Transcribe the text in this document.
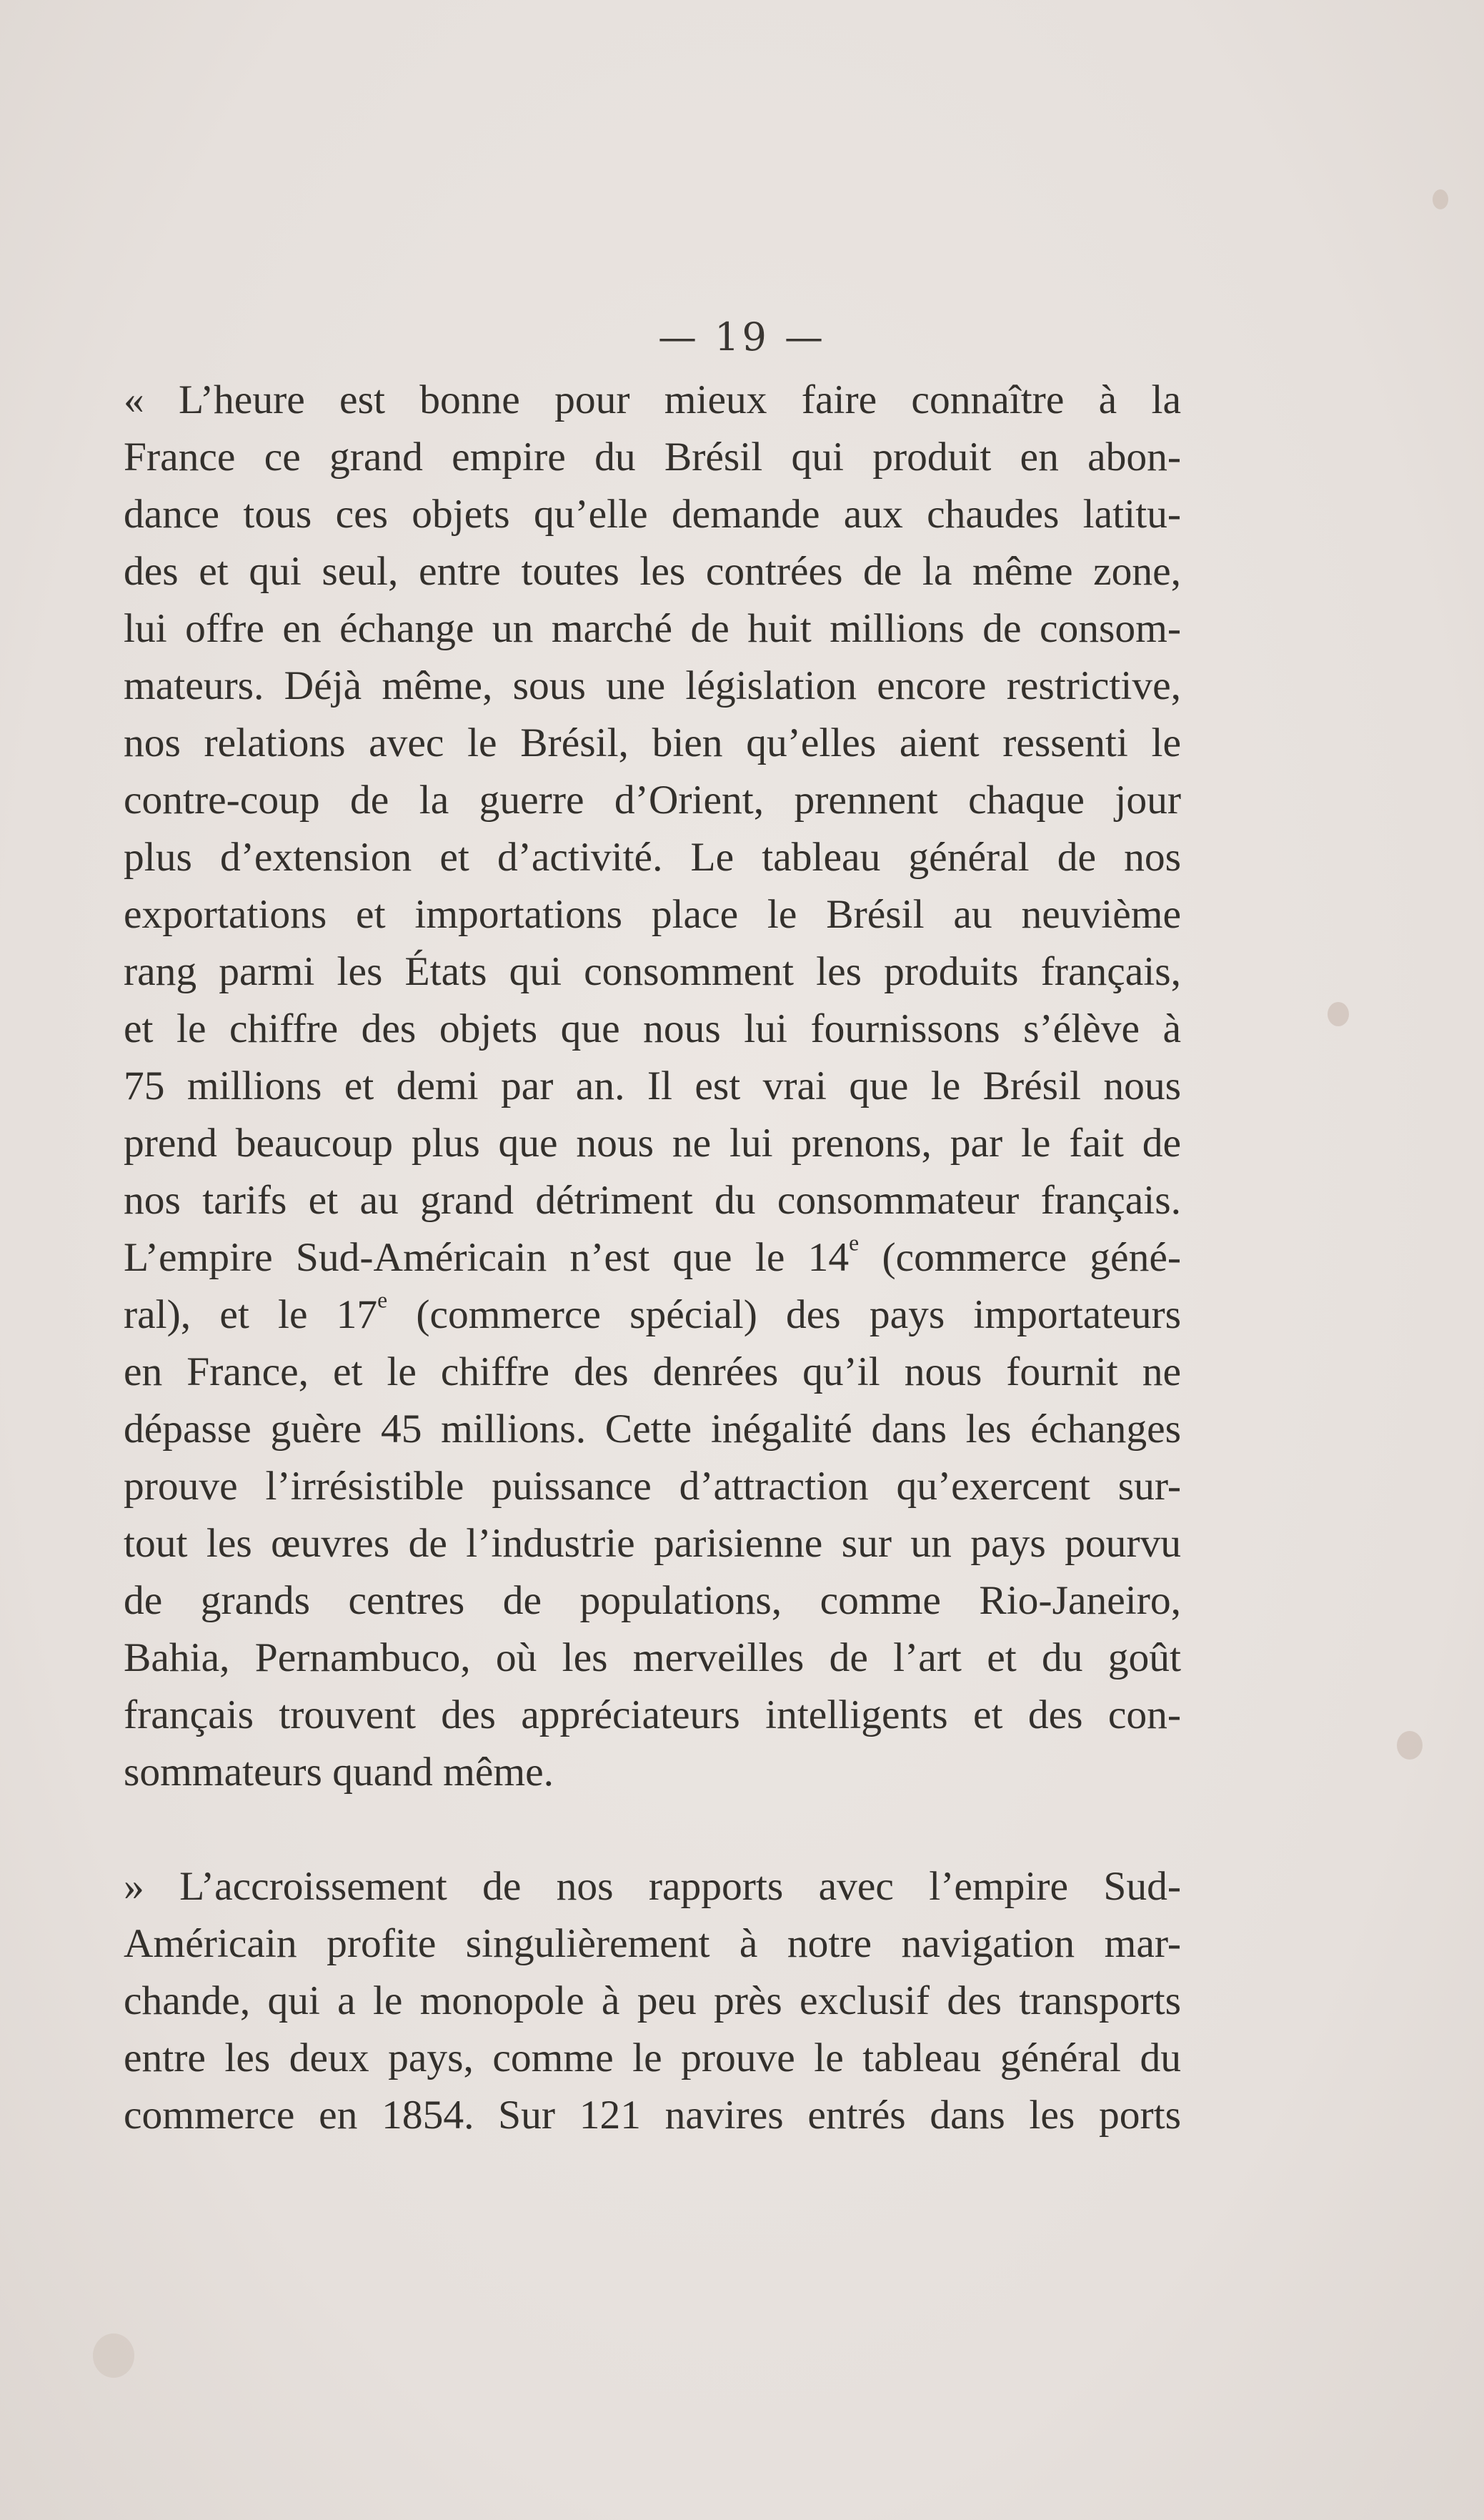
— 19 —
« L’heure est bonne pour mieux faire connaître à la
France ce grand empire du Brésil qui produit en abon-
dance tous ces objets qu’elle demande aux chaudes latitu-
des et qui seul, entre toutes les contrées de la même zone,
lui offre en échange un marché de huit millions de consom-
mateurs. Déjà même, sous une législation encore restrictive,
nos relations avec le Brésil, bien qu’elles aient ressenti le
contre-coup de la guerre d’Orient, prennent chaque jour
plus d’extension et d’activité. Le tableau général de nos
exportations et importations place le Brésil au neuvième
rang parmi les États qui consomment les produits français,
et le chiffre des objets que nous lui fournissons s’élève à
75 millions et demi par an. Il est vrai que le Brésil nous
prend beaucoup plus que nous ne lui prenons, par le fait de
nos tarifs et au grand détriment du consommateur français.
L’empire Sud-Américain n’est que le 14e (commerce géné-
ral), et le 17e (commerce spécial) des pays importateurs
en France, et le chiffre des denrées qu’il nous fournit ne
dépasse guère 45 millions. Cette inégalité dans les échanges
prouve l’irrésistible puissance d’attraction qu’exercent sur-
tout les œuvres de l’industrie parisienne sur un pays pourvu
de grands centres de populations, comme Rio-Janeiro,
Bahia, Pernambuco, où les merveilles de l’art et du goût
français trouvent des appréciateurs intelligents et des con-
sommateurs quand même.
» L’accroissement de nos rapports avec l’empire Sud-
Américain profite singulièrement à notre navigation mar-
chande, qui a le monopole à peu près exclusif des transports
entre les deux pays, comme le prouve le tableau général du
commerce en 1854. Sur 121 navires entrés dans les ports
